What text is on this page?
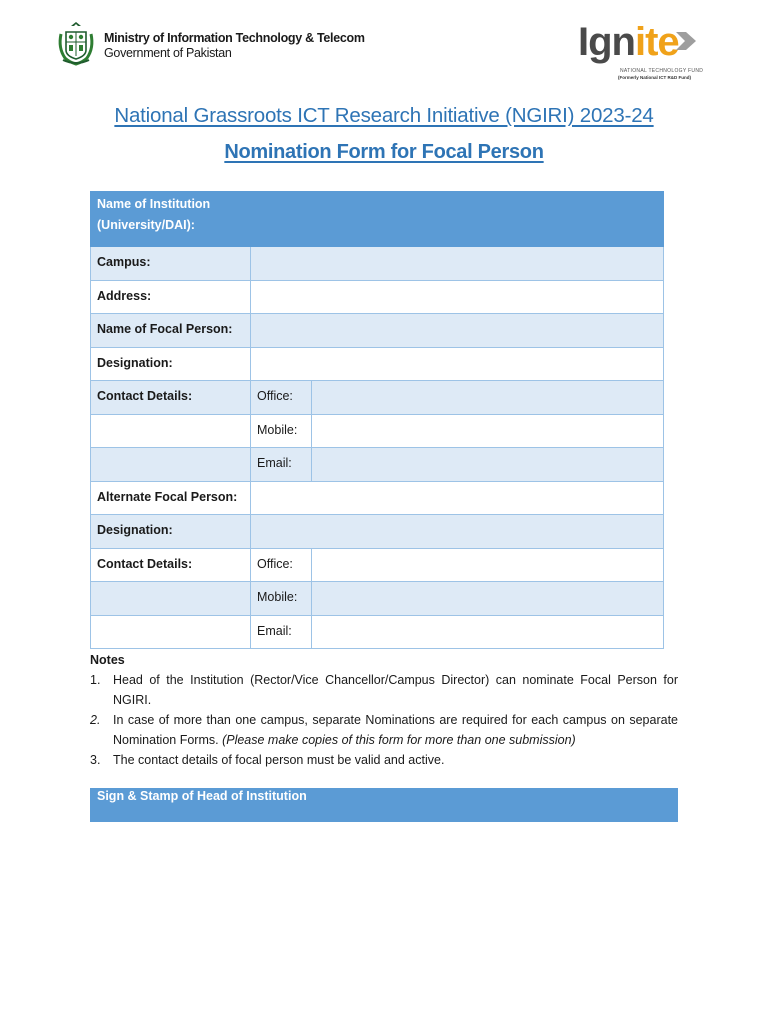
Ministry of Information Technology & Telecom
Government of Pakistan	Ignite
NATIONAL TECHNOLOGY FUND
(Formerly National ICT R&D Fund)
National Grassroots ICT Research Initiative (NGIRI) 2023-24
Nomination Form for Focal Person
Name of Institution
(University/DAI):		

Campus:		
Address:		
Name of Focal Person:		
Designation:		
Contact Details:	Office:	
	Mobile:	
	Email:	
Alternate Focal Person:		
Designation:		
Contact Details:	Office:	
	Mobile:	
	Email:	
Notes
1. Head of the Institution (Rector/Vice Chancellor/Campus Director) can nominate Focal Person for NGIRI.
2. In case of more than one campus, separate Nominations are required for each campus on separate Nomination Forms. (Please make copies of this form for more than one submission)
3. The contact details of focal person must be valid and active.
Sign & Stamp of Head of Institution
